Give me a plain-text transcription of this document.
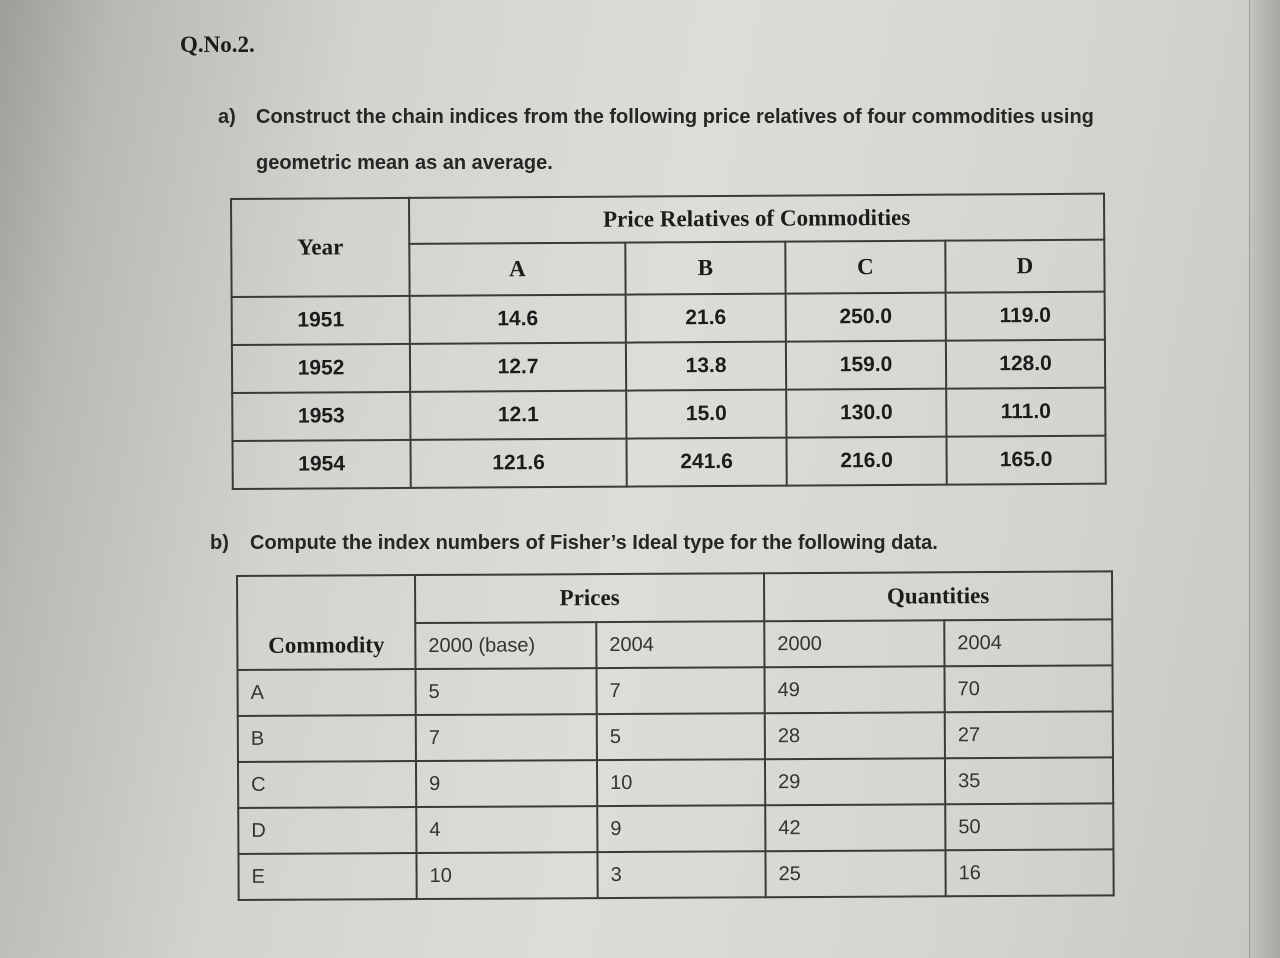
Q.No.2.
a) Construct the chain indices from the following price relatives of four commodities using
geometric mean as an average.
Year	Price Relatives of Commodities			
	A	B	C	D
1951	14.6	21.6	250.0	119.0
1952	12.7	13.8	159.0	128.0
1953	12.1	15.0	130.0	111.0
1954	121.6	241.6	216.0	165.0
b) Compute the index numbers of Fisher’s Ideal type for the following data.
Commodity	Prices		Quantities	
	2000 (base)	2004	2000	2004
A	5	7	49	70
B	7	5	28	27
C	9	10	29	35
D	4	9	42	50
E	10	3	25	16
